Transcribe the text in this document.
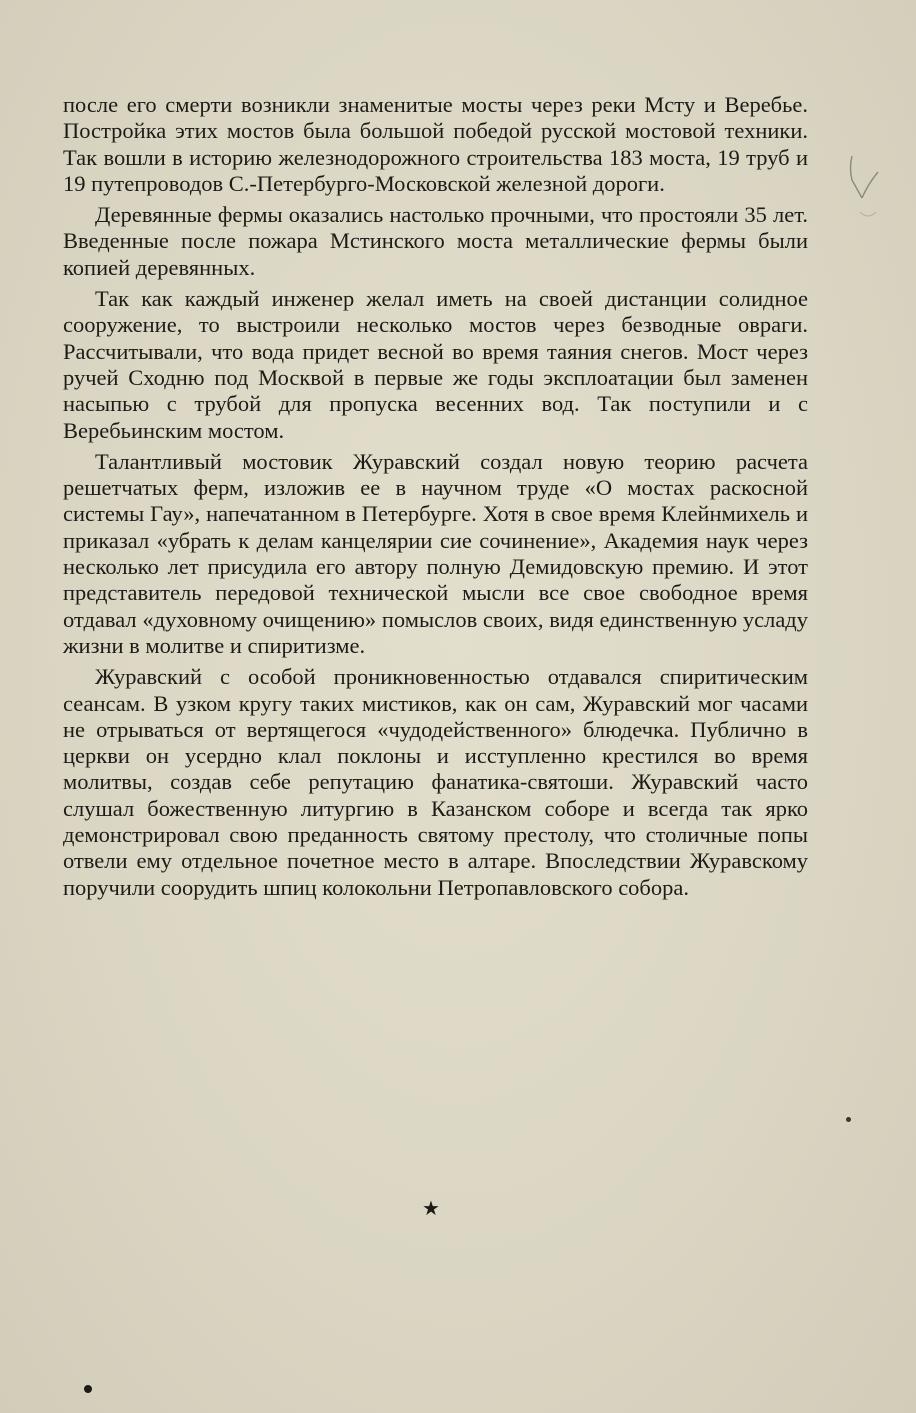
после его смерти возникли знаменитые мосты через реки Мсту и Веребье. Постройка этих мостов была большой победой русской мостовой техники. Так вошли в историю железнодорожного строительства 183 моста, 19 труб и 19 путепроводов С.-Петербурго-Московской железной дороги.

Деревянные фермы оказались настолько прочными, что простояли 35 лет. Введенные после пожара Мстинского моста металлические фермы были копией деревянных.

Так как каждый инженер желал иметь на своей дистанции солидное сооружение, то выстроили несколько мостов через безводные овраги. Рассчитывали, что вода придет весной во время таяния снегов. Мост через ручей Сходню под Москвой в первые же годы эксплоатации был заменен насыпью с трубой для пропуска весенних вод. Так поступили и с Веребьинским мостом.

Талантливый мостовик Журавский создал новую теорию расчета решетчатых ферм, изложив ее в научном труде «О мостах раскосной системы Гау», напечатанном в Петербурге. Хотя в свое время Клейнмихель и приказал «убрать к делам канцелярии сие сочинение», Академия наук через несколько лет присудила его автору полную Демидовскую премию. И этот представитель передовой технической мысли все свое свободное время отдавал «духовному очищению» помыслов своих, видя единственную усладу жизни в молитве и спиритизме.

Журавский с особой проникновенностью отдавался спиритическим сеансам. В узком кругу таких мистиков, как он сам, Журавский мог часами не отрываться от вертящегося «чудодейственного» блюдечка. Публично в церкви он усердно клал поклоны и исступленно крестился во время молитвы, создав себе репутацию фанатика-святоши. Журавский часто слушал божественную литургию в Казанском соборе и всегда так ярко демонстрировал свою преданность святому престолу, что столичные попы отвели ему отдельное почетное место в алтаре. Впоследствии Журавскому поручили соорудить шпиц колокольни Петропавловского собора.

★
